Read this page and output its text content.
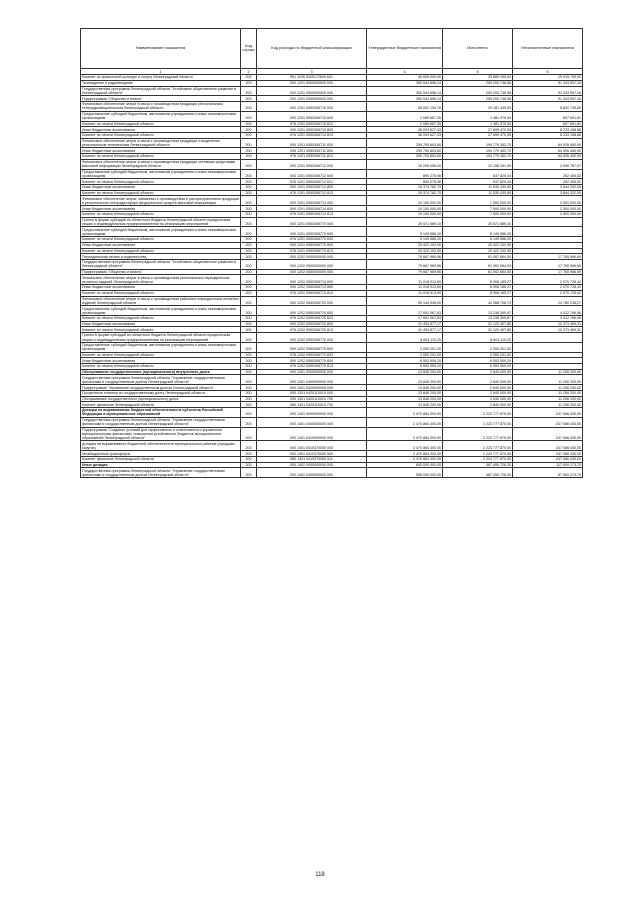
Наименование показателя	Код строки	Код расхода по бюджетной классификации	Утвержденные бюджетные назначения	Исполнено	Неисполненные назначения
1	2	3	4	5	6
Комитет по физической культуре и спорту Ленинградской области	200	951 1105 9420172600 621	45 605 000,00	25 689 295,00	19 915 705,00
Телевидение и радиовещание	200	000 1201 0000000000 000	350 544 696,14	259 200 738,98	91 343 957,16
Государственная программа Ленинградской области "Устойчивое общественное развитие в Ленинградской области"	200	000 1201 0500000000 000	350 544 696,14	259 200 738,98	91 343 957,16
Подпрограмма "Общество и власть"	200	000 1201 0550000000 000	350 544 696,14	259 200 738,98	91 343 957,16
Финансовое обеспечение затрат в связи с производством продукции региональным телерадиовещательным Ленинградской области	200	000 1201 0550306710 000	38 002 194,78	29 181 445,09	8 820 749,69
Предоставление субсидий бюджетным, автономным учреждениям и иным некоммерческим организациям	200	000 1201 0550306710 600	2 089 667,35	1 481 975,54	607 691,81
Комитет по печати Ленинградской области	200	976 1201 0550306710 621	2 089 667,35	1 481 975,54	607 691,81
Иные бюджетные ассигнования	200	000 1201 0550306710 800	36 093 627,43	27 699 470,55	8 233 158,88
Комитет по печати Ленинградской области	200	976 1201 0550306710 813	36 093 627,43	27 699 470,55	8 233 158,88
Финансовое обеспечение затрат в связи с производством продукции и выделение региональным телеканалам Ленинградской области	200	000 1201 0550306711 000	259 705 803,60	194 779 352,70	64 926 450,90
Иные бюджетные ассигнования	200	000 1201 0550306711 800	259 705 803,60	194 779 352,70	64 926 450,90
Комитет по печати Ленинградской области	200	976 1201 0550306711 813	259 705 803,60	194 779 352,70	64 926 450,90
Финансовое обеспечение затрат в связи с производством продукции сетевыми средствами массовой информации Ленинградской области	200	000 1201 0550306712 000	16 265 058,00	12 158 251,09	4 096 787,57
Предоставление субсидий бюджетным, автономным учреждениям и иным некоммерческим организациям	200	000 1201 0550306712 600	890 275,96	637 820,44	252 455,52
Комитет по печати Ленинградской области	200	976 1201 0550306712 621	890 275,96	637 820,44	252 455,52
Иные бюджетные ассигнования	200	000 1201 0550306712 800	15 374 782,70	11 530 430,65	3 844 332,05
Комитет по печати Ленинградской области	200	976 1201 0550306712 813	15 374 782,70	11 530 430,65	3 844 332,05
Финансовое обеспечение затрат, связанных с производством и распространением продукции в региональном телерадиоэфире федеральных средств массовой информации	200	000 1201 0550306714 000	10 100 000,00	7 500 000,00	2 500 000,00
Иные бюджетные ассигнования	200	000 1201 0550306714 800	10 100 000,00	7 500 000,00	2 500 000,00
Комитет по печати Ленинградской области	200	976 1201 0550306714 813	10 100 000,00	7 500 000,00	2 500 000,00
Гранты в форме субсидий из областного бюджета Ленинградской области юридическим лицам и индивидуальным предпринимателям на реализацию мероприятий	200	000 1201 0550306770 000	25 571 689,10	25 571 689,10	-
Предоставление субсидий бюджетным, автономным учреждениям и иным некоммерческим организациям	200	000 1201 0550306770 600	5 149 586,20	5 149 586,20	-
Комитет по печати Ленинградской области	200	976 1201 0550306770 633	5 149 586,20	5 149 586,20	-
Иные бюджетные ассигнования	200	000 1201 0550306770 800	20 422 102,90	20 422 102,90	-
Комитет по печати Ленинградской области	200	976 1201 0550306770 813	20 422 102,90	20 422 102,90	-
Периодическая печать и издательства	200	000 1202 0000000000 000	79 667 969,56	61 902 664,00	17 765 966,69
Государственная программа Ленинградской области "Устойчивое общественное развитие в Ленинградской области"	200	000 1202 0500000000 000	79 667 969,56	61 902 664,00	17 765 966,69
Подпрограмма "Общество и власть"	200	000 1202 0550000000 000	79 667 969,56	61 902 664,00	17 765 966,69
Финансовое обеспечение затрат в связи с производством региональных периодических печатных изданий Ленинградской области	200	000 1202 0550306713 000	11 018 913,69	8 908 185,27	2 070 728,42
Иные бюджетные ассигнования	200	000 1202 0550306713 800	11 018 913,69	8 908 185,27	2 070 728,42
Комитет по печати Ленинградской области	200	976 1202 0550306713 813	11 018 913,69	8 908 185,27	2 070 728,42
Финансовое обеспечение затрат в связи с производством районных периодических печатных изданий Ленинградской области	200	000 1202 0550306720 000	59 144 945,00	44 368 706,73	14 780 238,27
Предоставление субсидий бюджетным, автономным учреждениям и иным некоммерческим организациям	200	000 1202 0550306720 600	17 651 067,83	13 238 300,87	4 412 766,96
Комитет по печати Ленинградской области	200	976 1202 0550306720 623	17 651 067,83	13 238 300,87	4 412 766,96
Иные бюджетные ассигнования	200	000 1202 0550306720 800	41 493 877,17	31 120 407,86	10 373 469,31
Комитет по печати Ленинградской области	200	976 1202 0550306720 813	41 493 877,17	31 120 407,86	10 373 469,31
Гранты в форме субсидий из областного бюджета Ленинградской области юридическим лицам и индивидуальным предпринимателям на реализацию мероприятий	200	000 1202 0550306770 000	8 604 110,20	8 604 110,20	-
Предоставление субсидий бюджетным, автономным учреждениям и иным некоммерческим организациям	200	000 1202 0550306770 600	2 050 201,00	2 050 201,00	-
Комитет по печати Ленинградской области	200	976 1202 0550306770 633	2 050 201,00	2 050 201,00	-
Иные бюджетные ассигнования	200	000 1202 0550306770 800	6 553 909,20	6 553 909,20	-
Комитет по печати Ленинградской области	200	976 1202 0550306770 813	6 553 909,20	6 553 909,20	-
Обслуживание государственного (муниципального) внутреннего долга	200	000 1301 0000000000 000	13 846 200,00	2 640 000,00	11 206 200,00
Государственная программа Ленинградской области "Управление государственными финансами и государственным долгом Ленинградской области"	200	000 1301 0400000000 000	13 846 200,00	2 640 000,00	11 206 200,00
Подпрограмма "Управление государственным долгом Ленинградской области"	200	000 1301 0420000000 000	13 846 200,00	2 640 000,00	11 206 200,00
Процентные платежи по государственному долгу Ленинградской области	200	000 1301 0420110010 000	13 846 200,00	2 640 000,00	11 206 200,00
Обслуживание государственного (муниципального) долга	200	000 1301 0420110010 700	13 846 200,00	2 640 000,00	11 206 200,00
Комитет финансов Ленинградской области	200	980 1301 0420110010 730	13 846 200,00	2 640 000,00	11 206 200,00
Дотации на выравнивание бюджетной обеспеченности субъектов Российской Федерации и муниципальных образований	200	000 1401 0000000000 000	2 470 864 300,00	2 223 777 870,00	247 086 430,00
Государственная программа Ленинградской области "Управление государственными финансами и государственным долгом Ленинградской области"	200	000 1401 0400000000 000	2 470 864 300,00	2 223 777 870,00	247 086 430,00
Подпрограмма "Создание условий для эффективного и ответственного управления муниципальными финансами, повышения устойчивости бюджетов муниципальных образований Ленинградской области"	200	000 1401 0410000000 000	2 470 864 300,00	2 223 777 870,00	247 086 430,00
Дотации на выравнивание бюджетной обеспеченности муниципальных районов (городских округов)	200	000 1401 0410370050 000	2 470 864 300,00	2 223 777 870,00	247 086 430,00
Межбюджетные трансферты	200	000 1401 0410370050 500	2 470 864 300,00	2 223 777 870,00	247 086 430,00
Комитет финансов Ленинградской области	200	980 1401 0410370050 511	2 470 864 300,00	2 223 777 870,00	247 086 430,00
Иные дотации	200	000 1402 0000000000 000	605 000 000,00	487 490 726,30	117 509 273,70
Государственная программа Ленинградской области "Управление государственными финансами и государственным долгом Ленинградской области"	200	000 1402 0400000000 000	555 000 000,00	487 490 726,30	67 509 273,70
118
